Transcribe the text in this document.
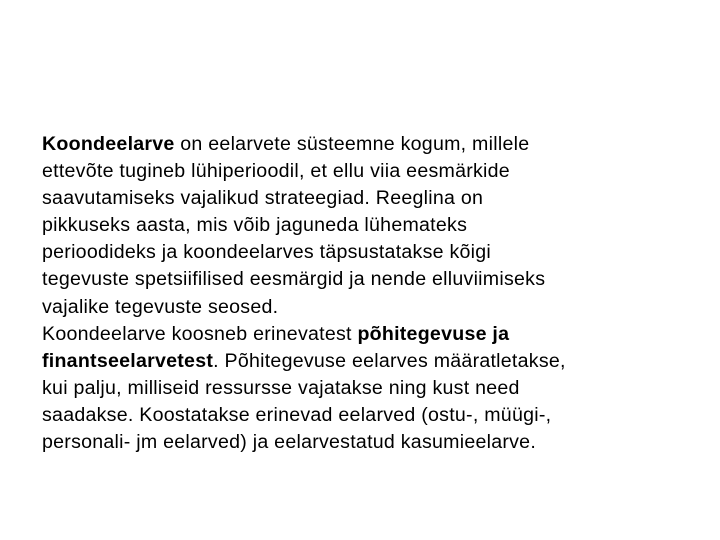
Koondeelarve on eelarvete süsteemne kogum, millele
ettevõte tugineb lühiperioodil, et ellu viia eesmärkide
saavutamiseks vajalikud strateegiad. Reeglina on
pikkuseks aasta, mis võib jaguneda lühemateks
perioodideks ja koondeelarves täpsustatakse kõigi
tegevuste spetsiifilised eesmärgid ja nende elluviimiseks
vajalike tegevuste seosed.
Koondeelarve koosneb erinevatest põhitegevuse ja
finantseelarvetest. Põhitegevuse eelarves määratletakse,
kui palju, milliseid ressursse vajatakse ning kust need
saadakse. Koostatakse erinevad eelarved (ostu-, müügi-,
personali- jm eelarved) ja eelarvestatud kasumieelarve.
